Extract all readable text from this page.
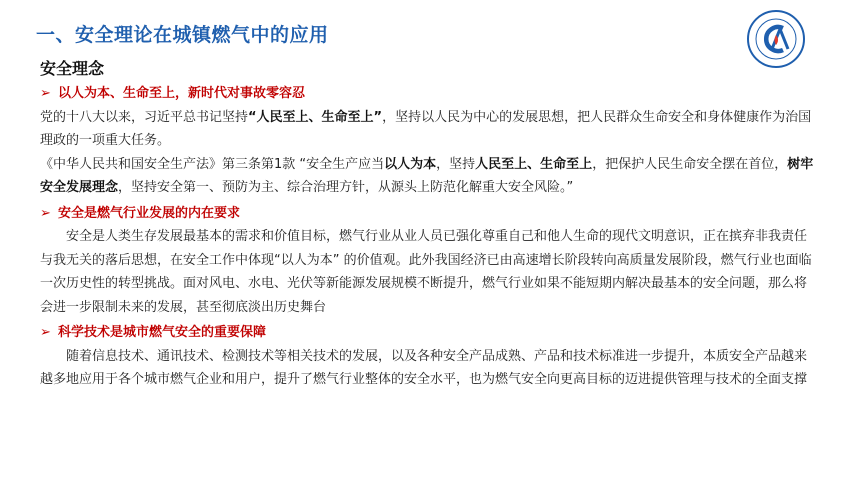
一、安全理论在城镇燃气中的应用
安全理念
➢ 以人为本、生命至上，新时代对事故零容忍

党的十八大以来，习近平总书记坚持“人民至上、生命至上”，坚持以人民为中心的发展思想，把人民群众生命安全和身体健康作为治国理政的一项重大任务。

《中华人民共和国安全生产法》第三条第1款 “安全生产应当以人为本，坚持人民至上、生命至上，把保护人民生命安全摆在首位，树牢安全发展理念，坚持安全第一、预防为主、综合治理方针，从源头上防范化解重大安全风险。”

➢ 安全是燃气行业发展的内在要求

安全是人类生存发展最基本的需求和价值目标，燃气行业从业人员已强化尊重自己和他人生命的现代文明意识，正在摈弃非我责任与我无关的落后思想，在安全工作中体现“以人为本” 的价值观。此外我国经济已由高速增长阶段转向高质量发展阶段，燃气行业也面临一次历史性的转型挑战。面对风电、水电、光伏等新能源发展规模不断提升，燃气行业如果不能短期内解决最基本的安全问题，那么将会进一步限制未来的发展，甚至彻底淡出历史舞台

➢ 科学技术是城市燃气安全的重要保障

随着信息技术、通讯技术、检测技术等相关技术的发展，以及各种安全产品成熟、产品和技术标准进一步提升，本质安全产品越来越多地应用于各个城市燃气企业和用户，提升了燃气行业整体的安全水平，也为燃气安全向更高目标的迈进提供管理与技术的全面支撑
